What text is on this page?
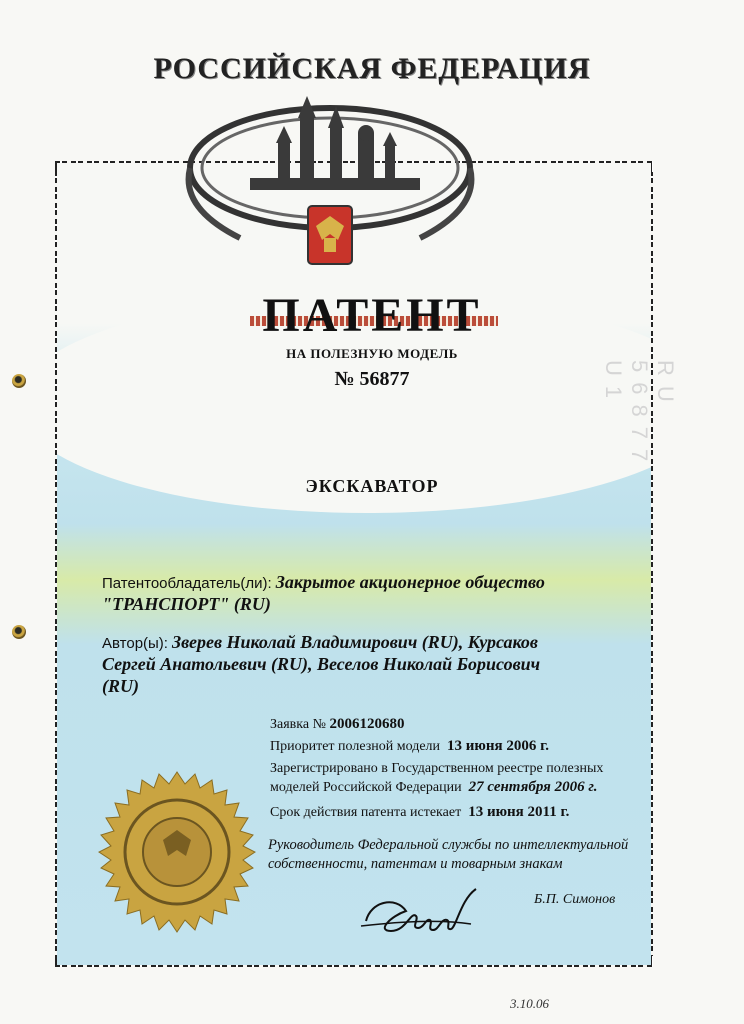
RU 56877 U1
РОССИЙСКАЯ ФЕДЕРАЦИЯ
ПАТЕНТ
НА ПОЛЕЗНУЮ МОДЕЛЬ
№ 56877
ЭКСКАВАТОР
Патентообладатель(ли): Закрытое акционерное общество
"ТРАНСПОРТ" (RU)
Автор(ы): Зверев Николай Владимирович (RU), Курсаков
Сергей Анатольевич (RU), Веселов Николай Борисович
(RU)
Заявка № 2006120680
Приоритет полезной модели 13 июня 2006 г.
Зарегистрировано в Государственном реестре полезных
моделей Российской Федерации 27 сентября 2006 г.
Срок действия патента истекает 13 июня 2011 г.
Руководитель Федеральной службы по интеллектуальной
собственности, патентам и товарным знакам
Б.П. Симонов
3.10.06
